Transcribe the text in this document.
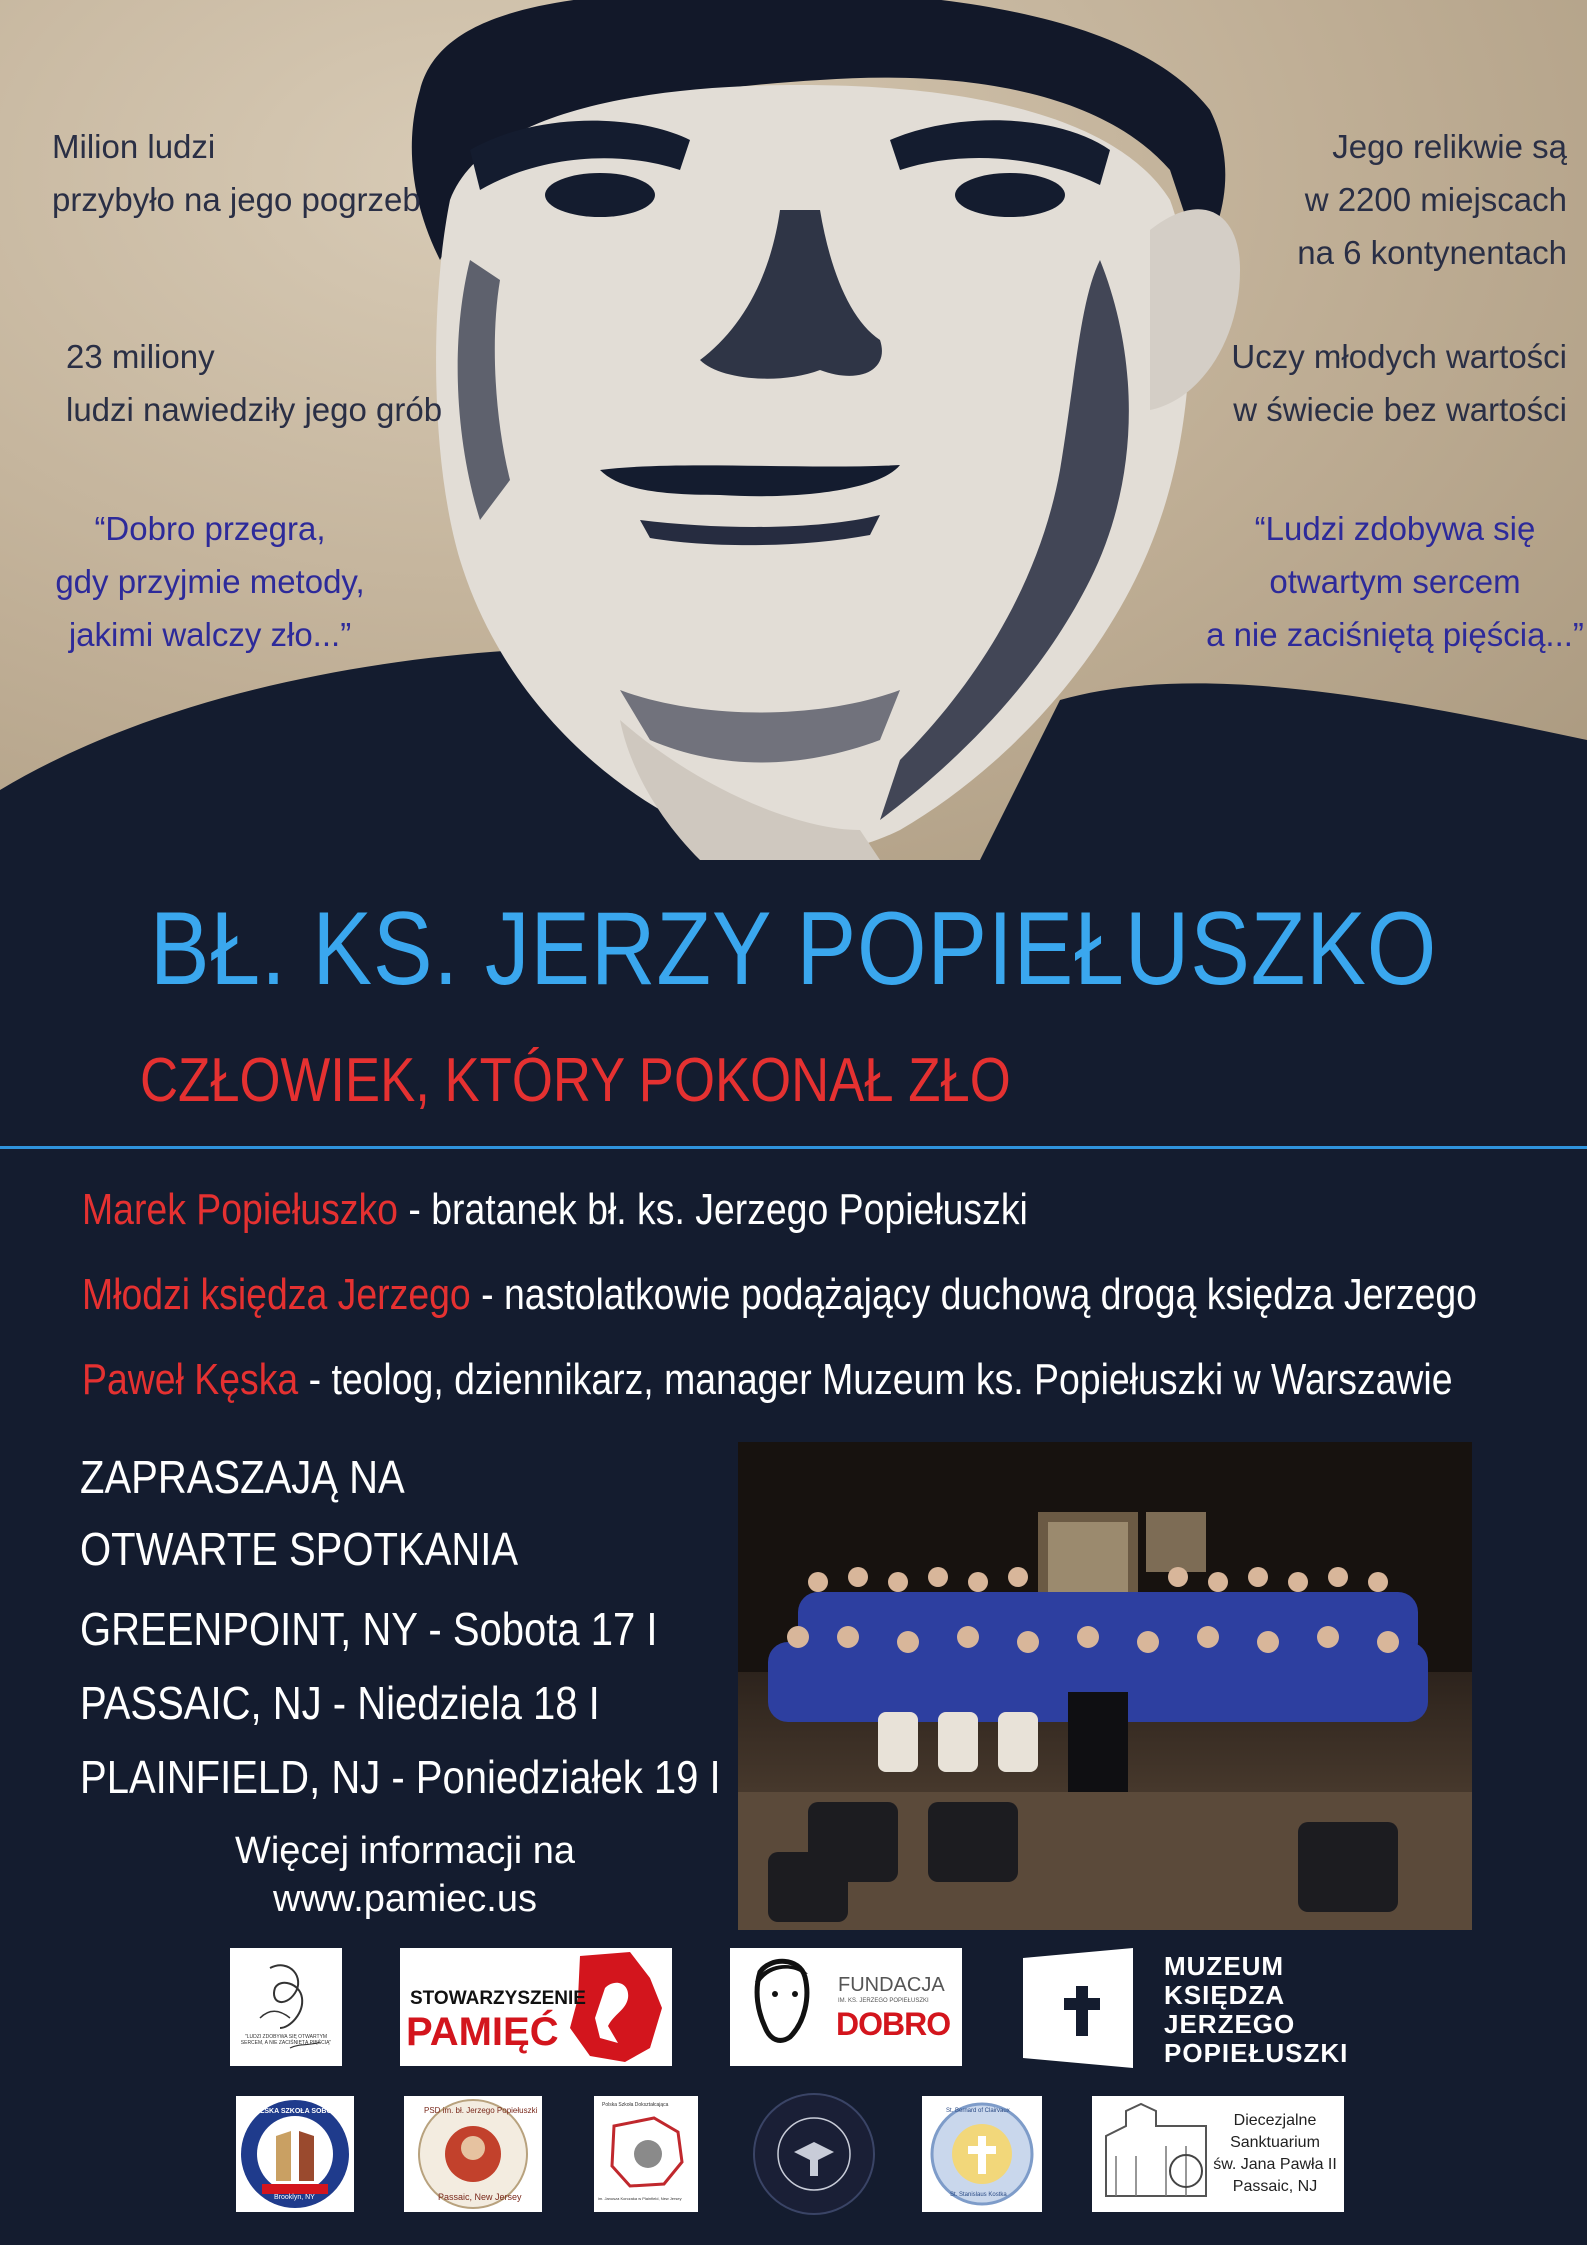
Milion ludzi
przybyło na jego pogrzeb
23 miliony
ludzi nawiedziły jego grób
“Dobro przegra,
gdy przyjmie metody,
jakimi walczy zło...”
Jego relikwie są
w 2200 miejscach
na 6 kontynentach
Uczy młodych wartości
w świecie bez wartości
“Ludzi zdobywa się
otwartym sercem
a nie zaciśniętą pięścią...”
BŁ. KS. JERZY POPIEŁUSZKO
CZŁOWIEK, KTÓRY POKONAŁ ZŁO
Marek Popiełuszko - bratanek bł. ks. Jerzego Popiełuszki
Młodzi księdza Jerzego - nastolatkowie podążający duchową drogą księdza Jerzego
Paweł Kęska - teolog, dziennikarz, manager Muzeum ks. Popiełuszki w Warszawie
ZAPRASZAJĄ NA
OTWARTE SPOTKANIA
GREENPOINT, NY - Sobota 17 I
PASSAIC, NJ - Niedziela 18 I
PLAINFIELD, NJ - Poniedziałek 19 I
Więcej informacji na
www.pamiec.us
"LUDZI ZDOBYWA SIĘ OTWARTYM SERCEM, A NIE ZACIŚNIĘTĄ PIĘŚCIĄ"
STOWARZYSZENIE
PAMIĘĆ
FUNDACJA
IM. KS. JERZEGO POPIEŁUSZKI
DOBRO
MUZEUM
KSIĘDZA
JERZEGO
POPIEŁUSZKI
POLSKA SZKOŁA SOBOTNIA
Brooklyn, NY
PSD im. bł. Jerzego Popiełuszki
Passaic, New Jersey
Polska Szkoła Dokształcająca
im. Janusza Korczaka w Plainfield, New Jersey
St. Bernard of Clairvaux
St. Stanislaus Kostka
Diecezjalne
Sanktuarium
św. Jana Pawła II
Passaic, NJ
